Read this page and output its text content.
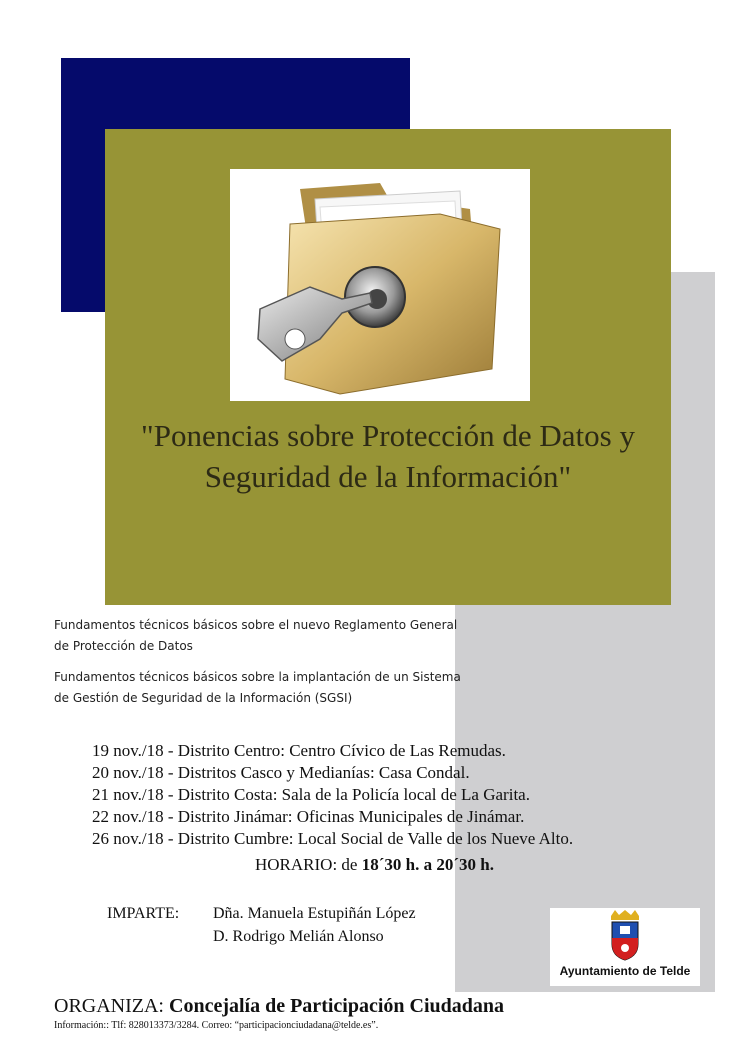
"Ponencias sobre Protección de Datos y Seguridad de la Información"
Fundamentos técnicos básicos sobre el nuevo Reglamento General de Protección de Datos
Fundamentos técnicos básicos sobre la implantación de un Sistema de Gestión de Seguridad de la Información (SGSI)
19 nov./18 - Distrito Centro: Centro Cívico de Las Remudas.
20 nov./18 - Distritos Casco y Medianías: Casa Condal.
21 nov./18 - Distrito Costa: Sala de la Policía local de La Garita.
22 nov./18 - Distrito Jinámar: Oficinas Municipales de Jinámar.
26 nov./18 - Distrito Cumbre: Local Social de Valle de los Nueve Alto.
HORARIO: de 18´30 h. a 20´30 h.
IMPARTE: Dña. Manuela Estupiñán López
D. Rodrigo Melián Alonso
Ayuntamiento de Telde
ORGANIZA: Concejalía de Participación Ciudadana
Información:: Tlf: 828013373/3284. Correo: “participacionciudadana@telde.es”.
